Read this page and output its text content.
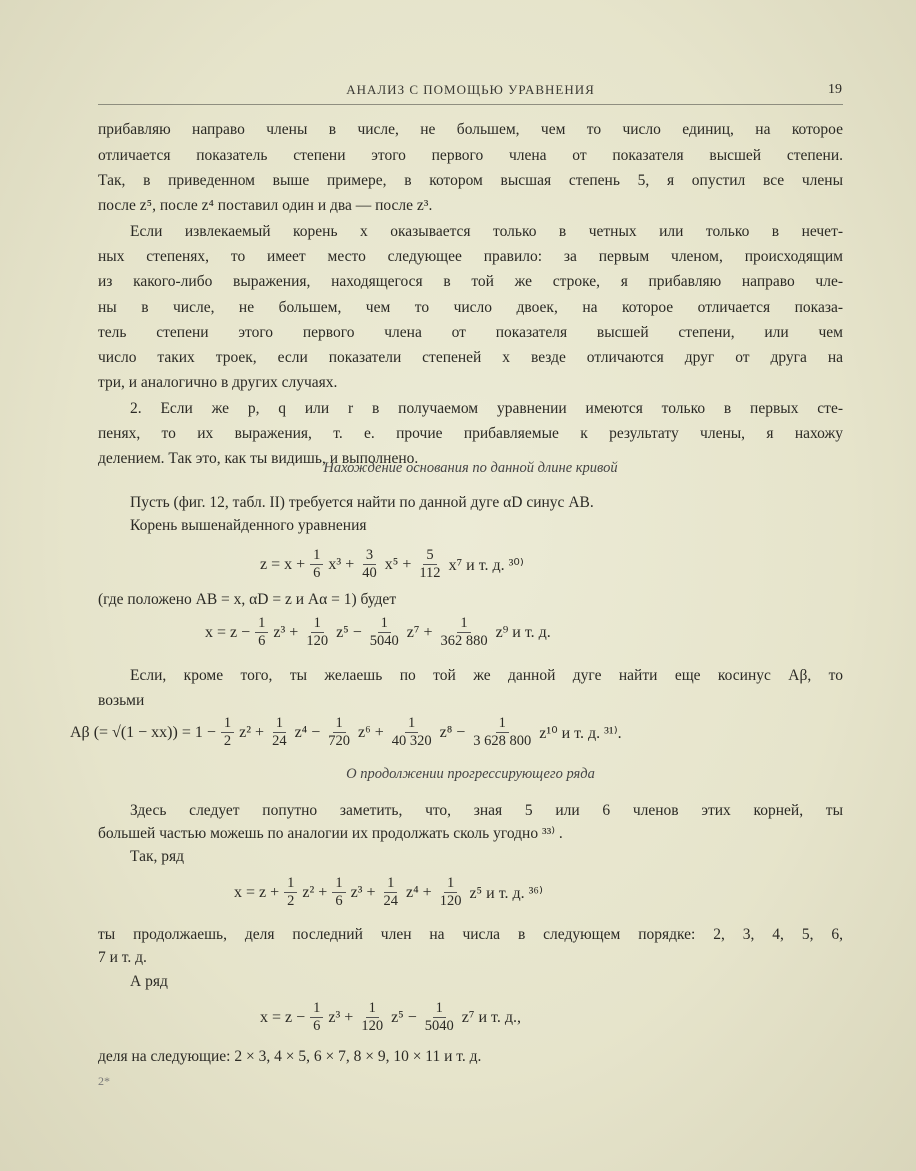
АНАЛИЗ С ПОМОЩЬЮ УРАВНЕНИЯ	19
прибавляю направо члены в числе, не большем, чем то число единиц, на которое
отличается показатель степени этого первого члена от показателя высшей степени.
Так, в приведенном выше примере, в котором высшая степень 5, я опустил все члены
после z⁵, после z⁴ поставил один и два — после z³.
Если извлекаемый корень x оказывается только в четных или только в нечет-
ных степенях, то имеет место следующее правило: за первым членом, происходящим
из какого-либо выражения, находящегося в той же строке, я прибавляю направо чле-
ны в числе, не большем, чем то число двоек, на которое отличается показа-
тель степени этого первого члена от показателя высшей степени, или чем
число таких троек, если показатели степеней x везде отличаются друг от друга на
три, и аналогично в других случаях.
2. Если же p, q или r в получаемом уравнении имеются только в первых сте-
пенях, то их выражения, т. е. прочие прибавляемые к результату члены, я нахожу
делением. Так это, как ты видишь, и выполнено.
Нахождение основания по данной длине кривой
Пусть (фиг. 12, табл. II) требуется найти по данной дуге αD синус AB.
Корень вышенайденного уравнения
$z = x + \frac{1}{6} x^3 + \frac{3}{40} x^5 + \frac{5}{112} x^7$ и т. д. ³⁰⁾
(где положено AB = x, αD = z и Aα = 1) будет
$x = z - \frac{1}{6} z^3 + \frac{1}{120} z^5 - \frac{1}{5040} z^7 + \frac{1}{362 880} z^9$ и т. д.
Если, кроме того, ты желаешь по той же данной дуге найти еще косинус Aβ, то
возьми
Aβ (= $√(1 - xx)) = 1 - \frac{1}{2} z^2 + \frac{1}{24} z^4 - \frac{1}{720} z^6 + \frac{1}{40 320} z^8 - \frac{1}{3 628 800} z^{10}$ и т. д. ³¹⁾.
О продолжении прогрессирующего ряда
Здесь следует попутно заметить, что, зная 5 или 6 членов этих корней, ты
большей частью можешь по аналогии их продолжать сколь угодно ³³⁾ .
Так, ряд
$x = z + \frac{1}{2} z^2 + \frac{1}{6} z^3 + \frac{1}{24} z^4 + \frac{1}{120} z^5$ и т. д. ³⁶⁾
ты продолжаешь, деля последний член на числа в следующем порядке: 2, 3, 4, 5, 6,
7 и т. д.
А ряд
$x = z - \frac{1}{6} z^3 + \frac{1}{120} z^5 - \frac{1}{5040} z^7$ и т. д.,
деля на следующие: 2 × 3, 4 × 5, 6 × 7, 8 × 9, 10 × 11 и т. д.
2*
